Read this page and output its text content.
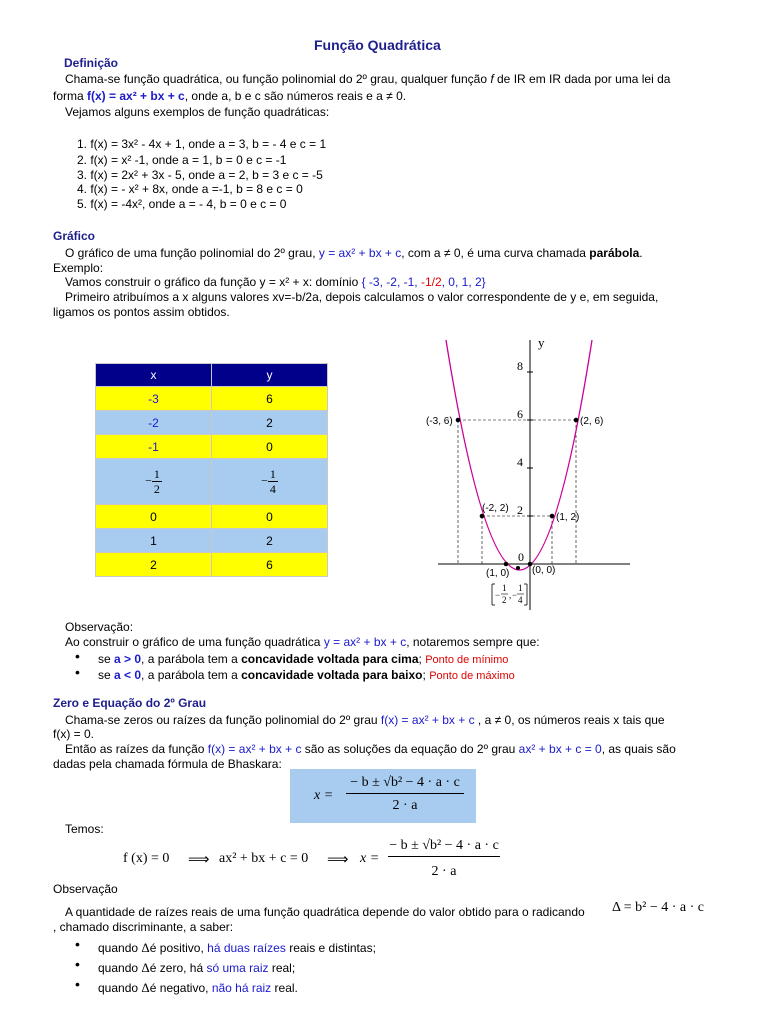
Função Quadrática
Definição
Chama-se função quadrática, ou função polinomial do 2º grau, qualquer função f de IR em IR dada por uma lei da
forma f(x) = ax² + bx + c, onde a, b e c são números reais e a ≠ 0.
Vejamos alguns exemplos de função quadráticas:
1. f(x) = 3x² - 4x + 1, onde a = 3, b = - 4 e c = 1
2. f(x) = x² -1, onde a = 1, b = 0 e c = -1
3. f(x) = 2x² + 3x - 5, onde a = 2, b = 3 e c = -5
4. f(x) = - x² + 8x, onde a =-1, b = 8 e c = 0
5. f(x) = -4x², onde a = - 4, b = 0 e c = 0
Gráfico
O gráfico de uma função polinomial do 2º grau, y = ax² + bx + c, com a ≠ 0, é uma curva chamada parábola.
Exemplo:
Vamos construir o gráfico da função y = x² + x: domínio { -3, -2, -1, -1/2, 0, 1, 2}
Primeiro atribuímos a x alguns valores xv=-b/2a, depois calculamos o valor correspondente de y e, em seguida,
ligamos os pontos assim obtidos.
x	y
-3	6
-2	2
-1	0
− $\frac{1}{2}$	− $\frac{1}{4}$

0	0
1	2
2	6
y
8
6
4
2
0
(-3, 6)	(2, 6)
(-2, 2)
(1, 2)
(1, 0) (0, 0)
−
1
2 , −
1
4
Observação:
Ao construir o gráfico de uma função quadrática y = ax² + bx + c, notaremos sempre que:
• se a > 0, a parábola tem a concavidade voltada para cima; Ponto de mínimo
• se a < 0, a parábola tem a concavidade voltada para baixo; Ponto de máximo
Zero e Equação do 2º Grau
Chama-se zeros ou raízes da função polinomial do 2º grau f(x) = ax² + bx + c , a ≠ 0, os números reais x tais que
f(x) = 0.
Então as raízes da função f(x) = ax² + bx + c são as soluções da equação do 2º grau ax² + bx + c = 0, as quais são
dadas pela chamada fórmula de Bhaskara:
x =
− b ± √b² − 4 · a · c
2 · a
Temos:
f (x) = 0 ⟹ ax² + bx + c = 0 ⟹ x =
− b ± √b² − 4 · a · c
2 · a
Observação
A quantidade de raízes reais de uma função quadrática depende do valor obtido para o radicando Δ = b² − 4 · a · c
, chamado discriminante, a saber:
• quando Δé positivo, há duas raízes reais e distintas;
• quando Δé zero, há só uma raiz real;
• quando Δé negativo, não há raiz real.
